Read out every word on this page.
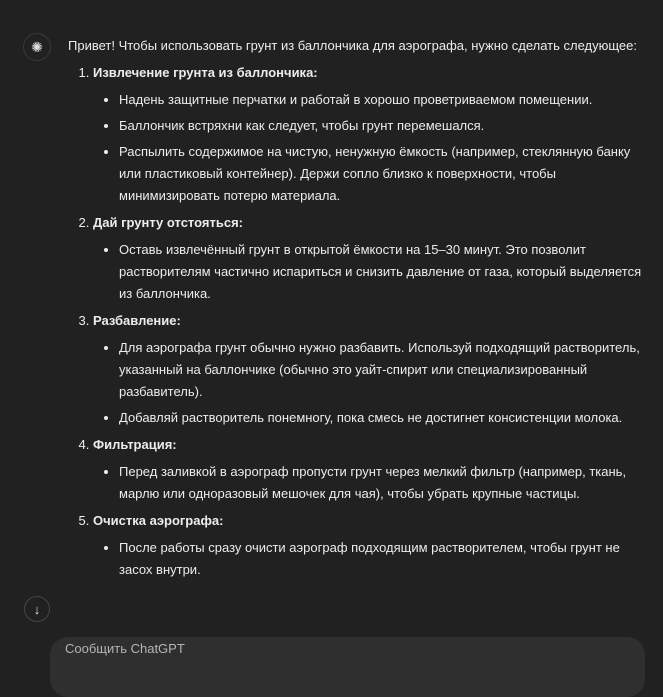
✺ Привет! Чтобы использовать грунт из баллончика для аэрографа, нужно сделать следующее:

1. Извлечение грунта из баллончика:
• Надень защитные перчатки и работай в хорошо проветриваемом помещении.
• Баллончик встряхни как следует, чтобы грунт перемешался.
• Распылить содержимое на чистую, ненужную ёмкость (например, стеклянную банку или пластиковый контейнер). Держи сопло близко к поверхности, чтобы минимизировать потерю материала.
2. Дай грунту отстояться:
• Оставь извлечённый грунт в открытой ёмкости на 15–30 минут. Это позволит растворителям частично испариться и снизить давление от газа, который выделяется из баллончика.
3. Разбавление:
• Для аэрографа грунт обычно нужно разбавить. Используй подходящий растворитель, указанный на баллончике (обычно это уайт-спирит или специализированный разбавитель).
• Добавляй растворитель понемногу, пока смесь не достигнет консистенции молока.
4. Фильтрация:
• Перед заливкой в аэрограф пропусти грунт через мелкий фильтр (например, ткань, марлю или одноразовый мешочек для чая), чтобы убрать крупные частицы.
5. Очистка аэрографа:
• После работы сразу очисти аэрограф подходящим растворителем, чтобы грунт не засох внутри.
↓
Сообщить ChatGPT
